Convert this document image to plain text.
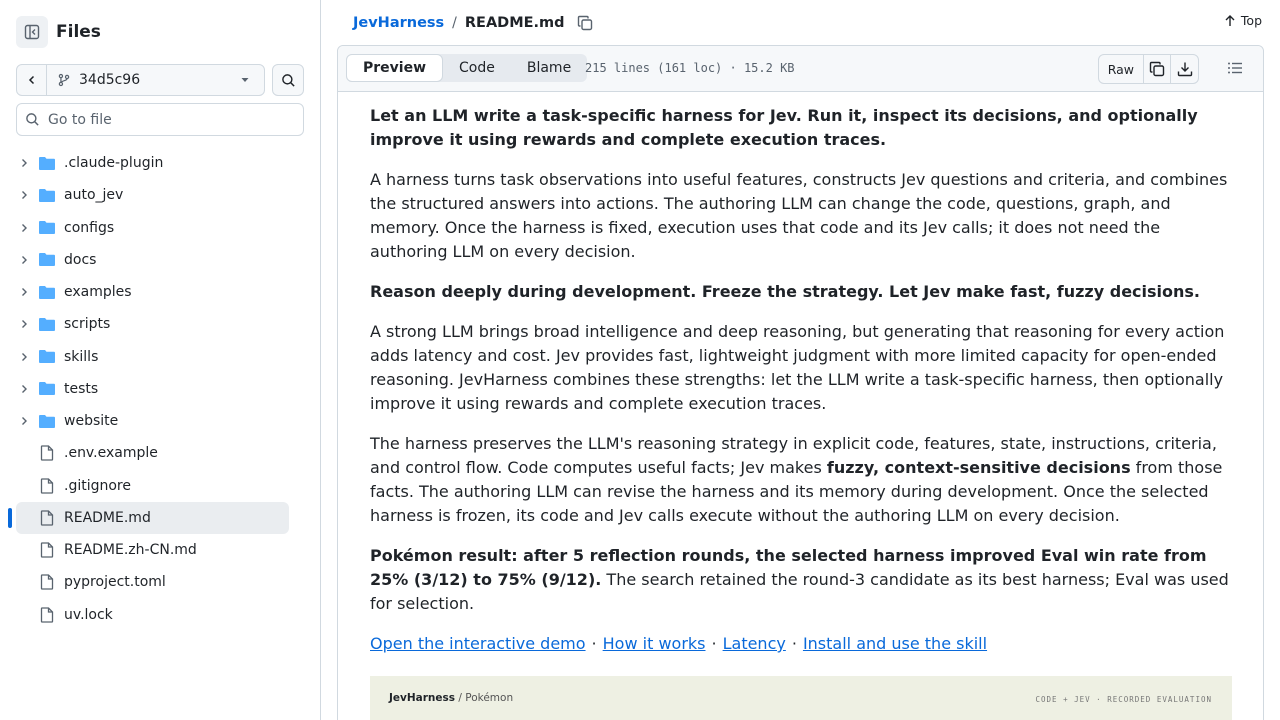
Files
34d5c96
Go to file
.claude-plugin
auto_jev
configs
docs
examples
scripts
skills
tests
website
.env.example
.gitignore
README.md
README.zh-CN.md
pyproject.toml
uv.lock
JevHarness / README.md	Top
Preview	Code	Blame	215 lines (161 loc) · 15.2 KB	Raw

Let an LLM write a task-specific harness for Jev. Run it, inspect its decisions, and optionally improve it using rewards and complete execution traces.

A harness turns task observations into useful features, constructs Jev questions and criteria, and combines the structured answers into actions. The authoring LLM can change the code, questions, graph, and memory. Once the harness is fixed, execution uses that code and its Jev calls; it does not need the authoring LLM on every decision.

Reason deeply during development. Freeze the strategy. Let Jev make fast, fuzzy decisions.

A strong LLM brings broad intelligence and deep reasoning, but generating that reasoning for every action adds latency and cost. Jev provides fast, lightweight judgment with more limited capacity for open-ended reasoning. JevHarness combines these strengths: let the LLM write a task-specific harness, then optionally improve it using rewards and complete execution traces.

The harness preserves the LLM's reasoning strategy in explicit code, features, state, instructions, criteria, and control flow. Code computes useful facts; Jev makes fuzzy, context-sensitive decisions from those facts. The authoring LLM can revise the harness and its memory during development. Once the selected harness is frozen, its code and Jev calls execute without the authoring LLM on every decision.

Pokémon result: after 5 reflection rounds, the selected harness improved Eval win rate from 25% (3/12) to 75% (9/12). The search retained the round-3 candidate as its best harness; Eval was used for selection.

Open the interactive demo · How it works · Latency · Install and use the skill

JevHarness / Pokémon	CODE + JEV · RECORDED EVALUATION
